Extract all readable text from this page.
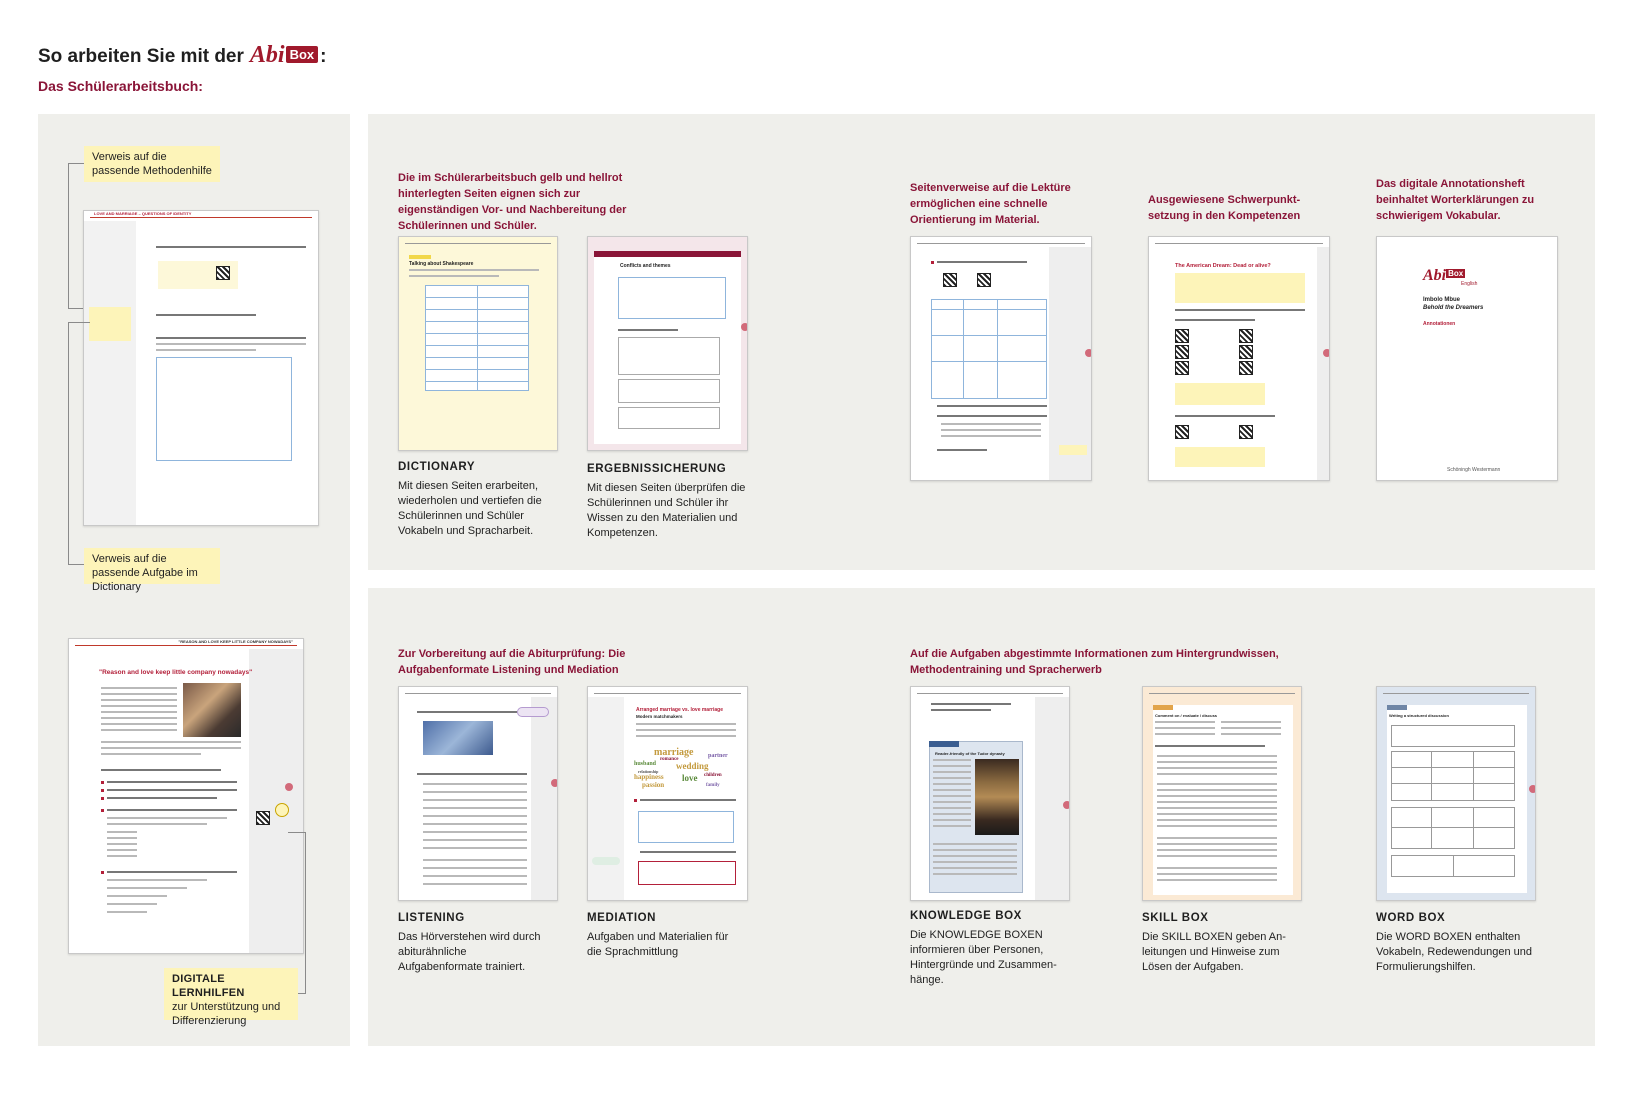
So arbeiten Sie mit der Abi Box :
Das Schülerarbeitsbuch:
Verweis auf die passende Methodenhilfe
LOVE AND MARRIAGE – QUESTIONS OF IDENTITY
Verweis auf die passende Aufgabe im Dictionary
"REASON AND LOVE KEEP LITTLE COMPANY NOWADAYS"
"Reason and love keep little company nowadays"
DIGITALE LERNHILFEN
zur Unterstützung und Differenzierung
Die im Schülerarbeitsbuch gelb und hellrot hinterlegten Seiten eignen sich zur eigenständigen Vor- und Nachbereitung der Schülerinnen und Schüler.
Seitenverweise auf die Lektüre ermöglichen eine schnelle Orientierung im Material.
Ausgewiesene Schwerpunkt-setzung in den Kompetenzen
Das digitale Annotationsheft beinhaltet Worterklärungen zu schwierigem Vokabular.
Talking about Shakespeare
DICTIONARY
Mit diesen Seiten erarbeiten, wiederholen und vertiefen die Schülerinnen und Schüler Vokabeln und Spracharbeit.
Conflicts and themes
ERGEBNISSICHERUNG
Mit diesen Seiten überprüfen die Schülerinnen und Schüler ihr Wissen zu den Materialien und Kompetenzen.
The American Dream: Dead or alive?
Abi $^{Box}$
English
Imbolo Mbue
Behold the Dreamers
Annotationen
Schöningh Westermann
Zur Vorbereitung auf die Abiturprüfung: Die Aufgabenformate Listening und Mediation
Auf die Aufgaben abgestimmte Informationen zum Hintergrundwissen, Methodentraining und Spracherwerb
LISTENING
Das Hörverstehen wird durch abiturähnliche Aufgabenformate trainiert.
Arranged marriage vs. love marriage
Modern matchmakers
marriage
romance
wedding
husband
partner
happiness
passion
love children
relationship
family
MEDIATION
Aufgaben und Materialien für die Sprachmittlung
Reader-friendly of the Tudor dynasty
KNOWLEDGE BOX
Die KNOWLEDGE BOXEN informieren über Personen, Hintergründe und Zusammen-hänge.
Comment on / evaluate / discuss
SKILL BOX
Die SKILL BOXEN geben An-leitungen und Hinweise zum Lösen der Aufgaben.
Writing a structured discussion
WORD BOX
Die WORD BOXEN enthalten Vokabeln, Redewendungen und Formulierungshilfen.
